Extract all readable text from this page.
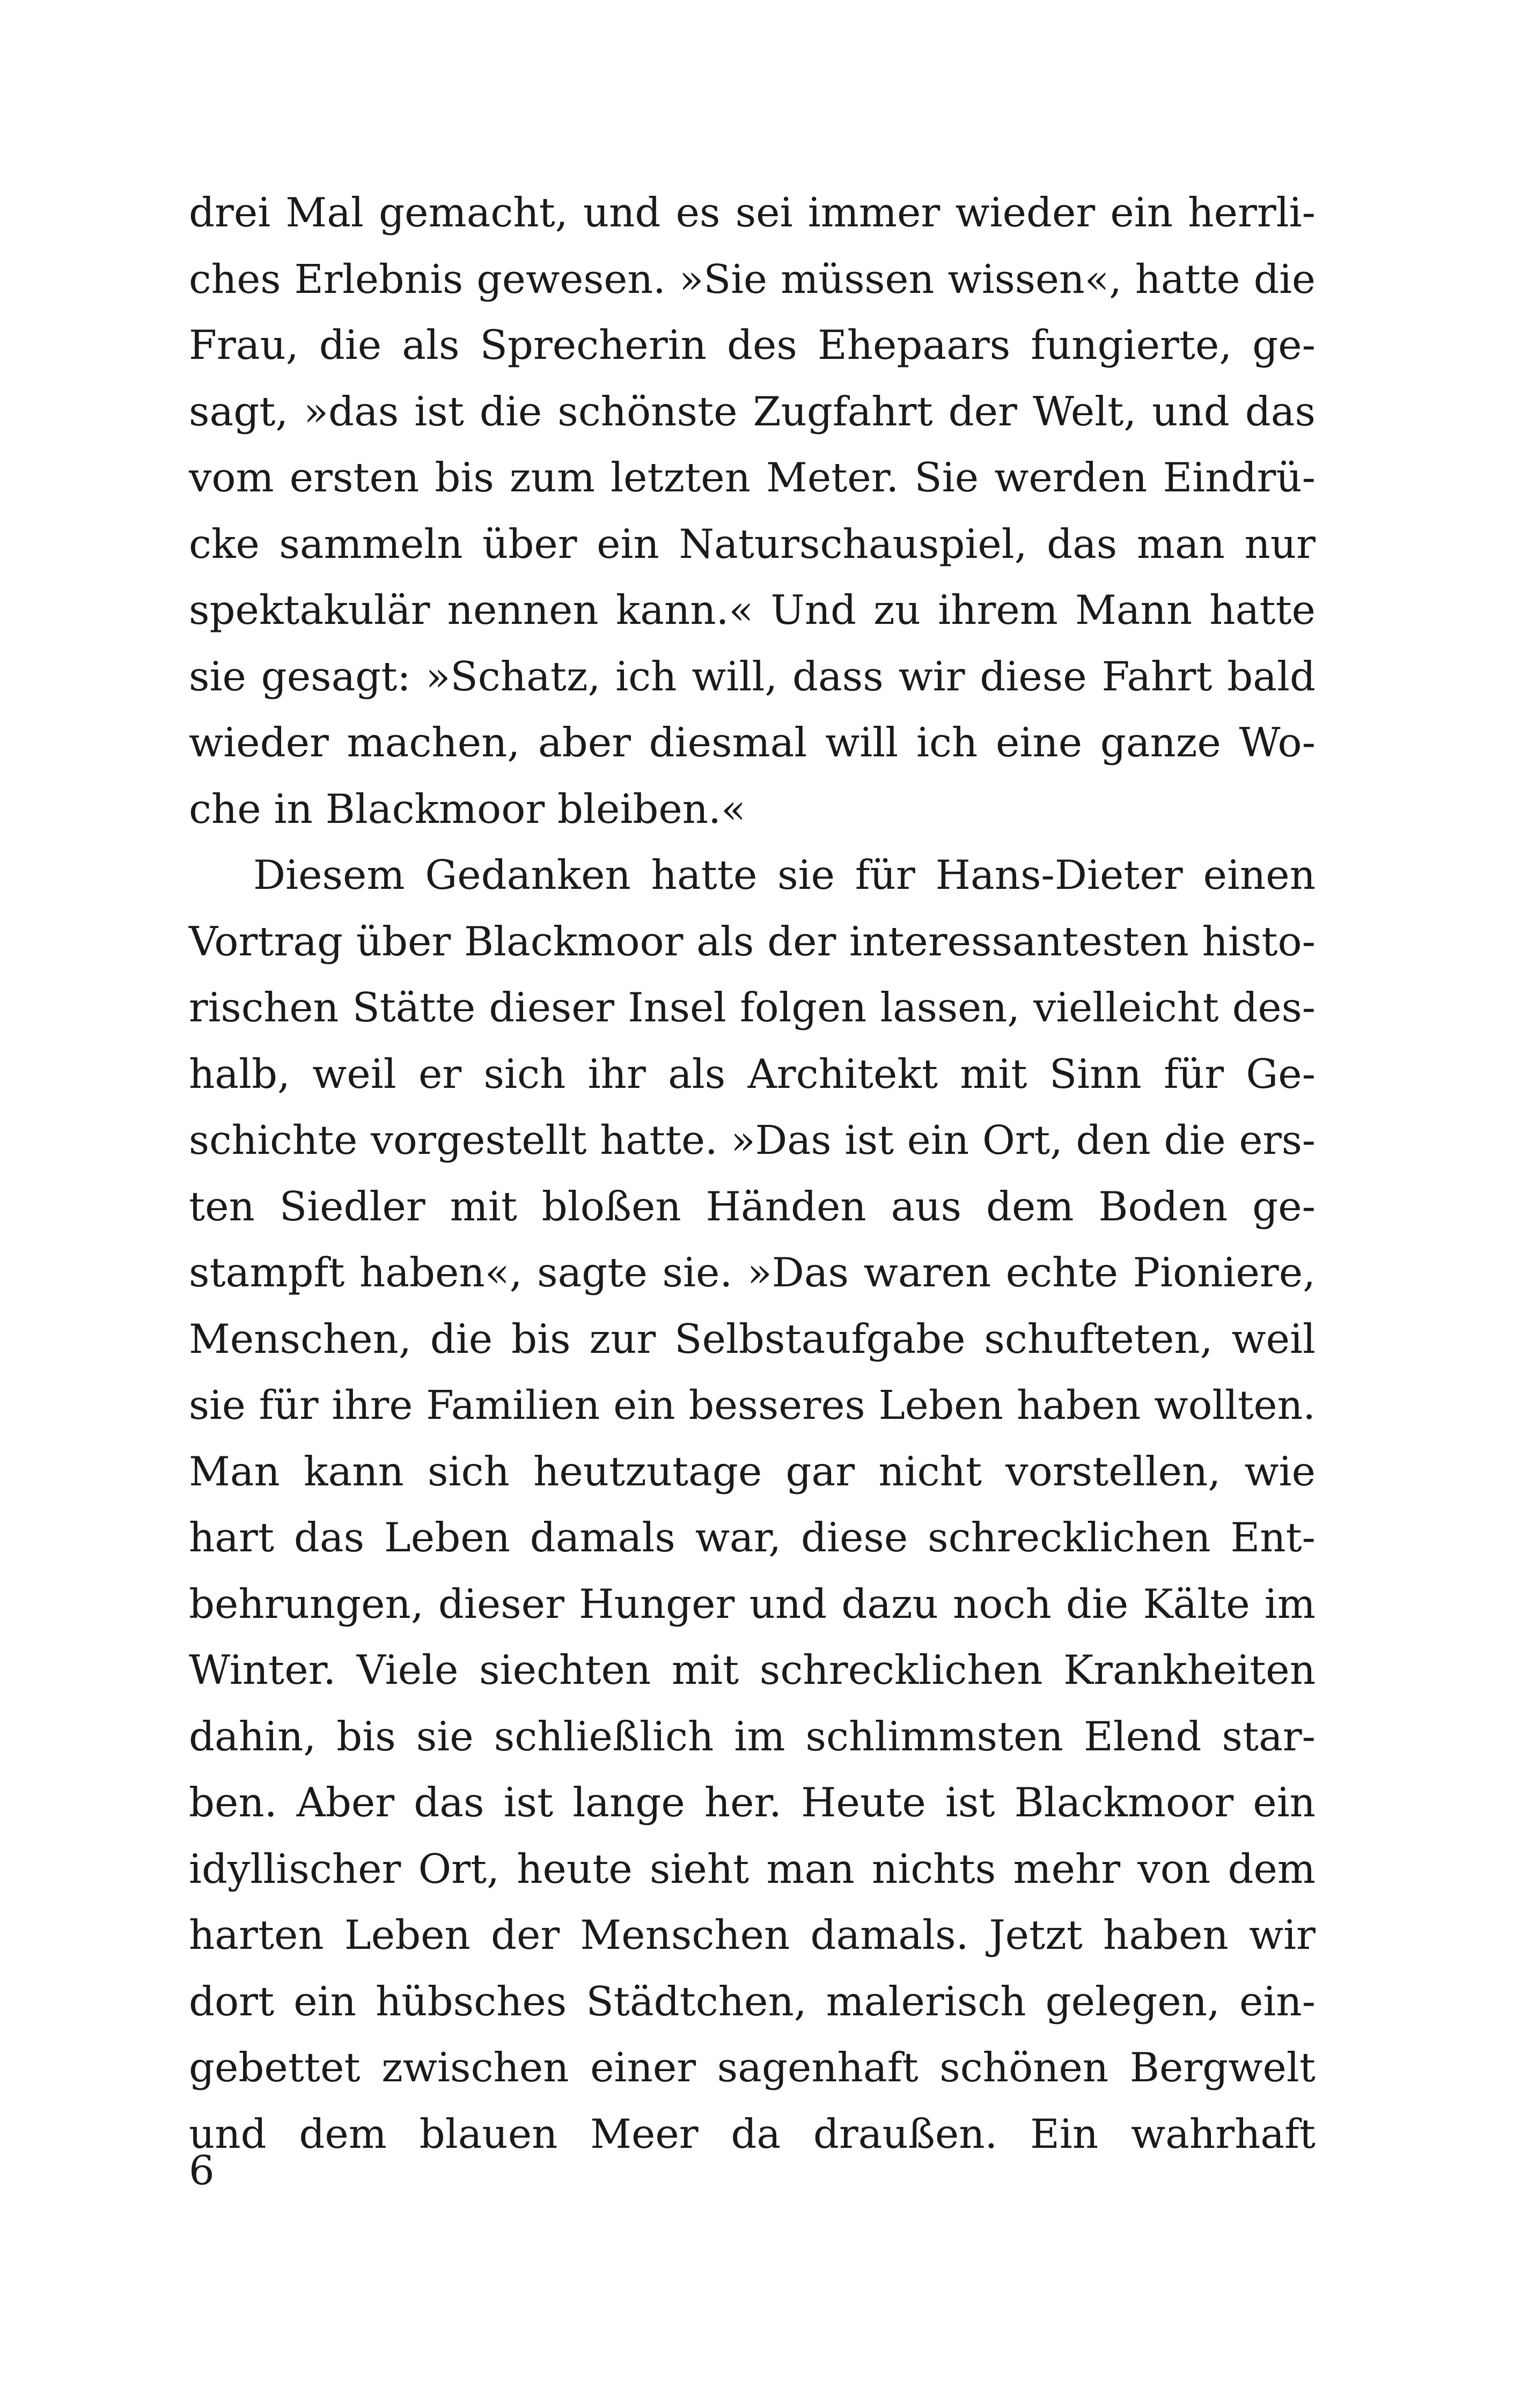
drei Mal gemacht, und es sei immer wieder ein herrli-
ches Erlebnis gewesen. »Sie müssen wissen«, hatte die
Frau, die als Sprecherin des Ehepaars fungierte, ge-
sagt, »das ist die schönste Zugfahrt der Welt, und das
vom ersten bis zum letzten Meter. Sie werden Eindrü-
cke sammeln über ein Naturschauspiel, das man nur
spektakulär nennen kann.« Und zu ihrem Mann hatte
sie gesagt: »Schatz, ich will, dass wir diese Fahrt bald
wieder machen, aber diesmal will ich eine ganze Wo-
che in Blackmoor bleiben.«
Diesem Gedanken hatte sie für Hans-Dieter einen
Vortrag über Blackmoor als der interessantesten histo-
rischen Stätte dieser Insel folgen lassen, vielleicht des-
halb, weil er sich ihr als Architekt mit Sinn für Ge-
schichte vorgestellt hatte. »Das ist ein Ort, den die ers-
ten Siedler mit bloßen Händen aus dem Boden ge-
stampft haben«, sagte sie. »Das waren echte Pioniere,
Menschen, die bis zur Selbstaufgabe schufteten, weil
sie für ihre Familien ein besseres Leben haben wollten.
Man kann sich heutzutage gar nicht vorstellen, wie
hart das Leben damals war, diese schrecklichen Ent-
behrungen, dieser Hunger und dazu noch die Kälte im
Winter. Viele siechten mit schrecklichen Krankheiten
dahin, bis sie schließlich im schlimmsten Elend star-
ben. Aber das ist lange her. Heute ist Blackmoor ein
idyllischer Ort, heute sieht man nichts mehr von dem
harten Leben der Menschen damals. Jetzt haben wir
dort ein hübsches Städtchen, malerisch gelegen, ein-
gebettet zwischen einer sagenhaft schönen Bergwelt
und dem blauen Meer da draußen. Ein wahrhaft
6
